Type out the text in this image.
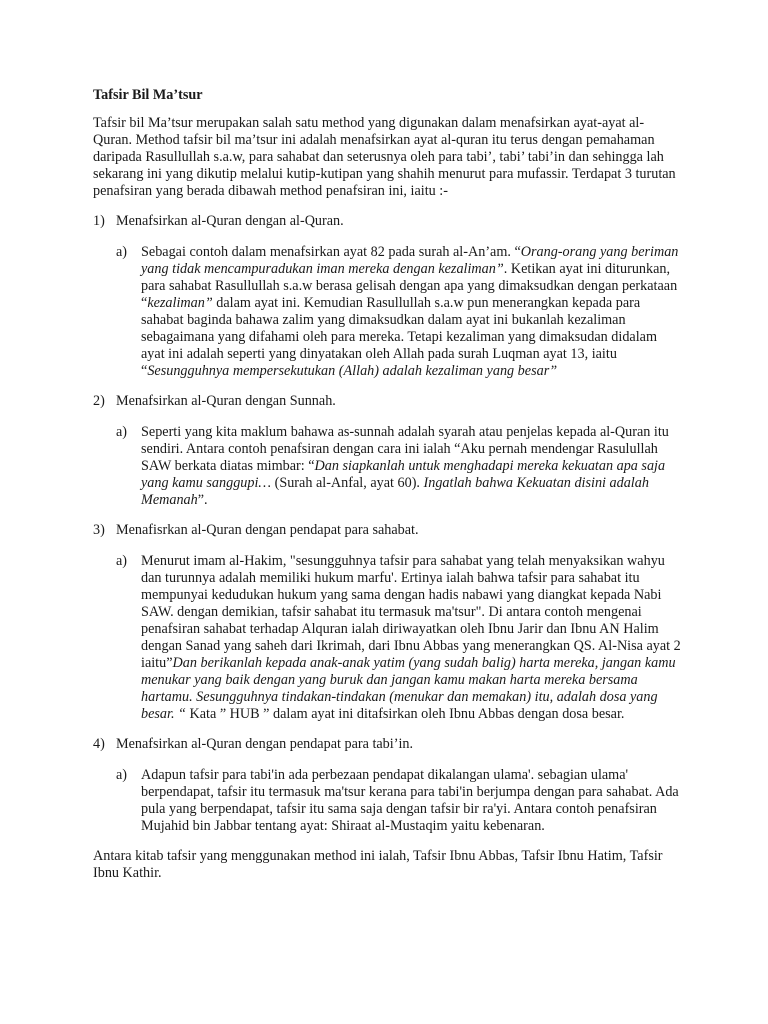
Tafsir Bil Ma’tsur

Tafsir bil Ma’tsur merupakan salah satu method yang digunakan dalam menafsirkan ayat-ayat al-Quran. Method tafsir bil ma’tsur ini adalah menafsirkan ayat al-quran itu terus dengan pemahaman daripada Rasullullah s.a.w, para sahabat dan seterusnya oleh para tabi’, tabi’ tabi’in dan sehingga lah sekarang ini yang dikutip melalui kutip-kutipan yang shahih menurut para mufassir. Terdapat 3 turutan penafsiran yang berada dibawah method penafsiran ini, iaitu :-

1) Menafsirkan al-Quran dengan al-Quran.
a) Sebagai contoh dalam menafsirkan ayat 82 pada surah al-An’am. “Orang-orang yang beriman yang tidak mencampuradukan iman mereka dengan kezaliman”. Ketikan ayat ini diturunkan, para sahabat Rasullullah s.a.w berasa gelisah dengan apa yang dimaksudkan dengan perkataan “kezaliman” dalam ayat ini. Kemudian Rasullullah s.a.w pun menerangkan kepada para sahabat baginda bahawa zalim yang dimaksudkan dalam ayat ini bukanlah kezaliman sebagaimana yang difahami oleh para mereka. Tetapi kezaliman yang dimaksudan didalam ayat ini adalah seperti yang dinyatakan oleh Allah pada surah Luqman ayat 13, iaitu “Sesungguhnya mempersekutukan (Allah) adalah kezaliman yang besar”

2) Menafsirkan al-Quran dengan Sunnah.
a) Seperti yang kita maklum bahawa as-sunnah adalah syarah atau penjelas kepada al-Quran itu sendiri. Antara contoh penafsiran dengan cara ini ialah “Aku pernah mendengar Rasulullah SAW berkata diatas mimbar: “Dan siapkanlah untuk menghadapi mereka kekuatan apa saja yang kamu sanggupi… (Surah al-Anfal, ayat 60). Ingatlah bahwa Kekuatan disini adalah Memanah”.

3) Menafisrkan al-Quran dengan pendapat para sahabat.
a) Menurut imam al-Hakim, "sesungguhnya tafsir para sahabat yang telah menyaksikan wahyu dan turunnya adalah memiliki hukum marfu'. Ertinya ialah bahwa tafsir para sahabat itu mempunyai kedudukan hukum yang sama dengan hadis nabawi yang diangkat kepada Nabi SAW. dengan demikian, tafsir sahabat itu termasuk ma'tsur". Di antara contoh mengenai penafsiran sahabat terhadap Alquran ialah diriwayatkan oleh Ibnu Jarir dan Ibnu AN Halim dengan Sanad yang saheh dari Ikrimah, dari Ibnu Abbas yang menerangkan QS. Al-Nisa ayat 2 iaitu”Dan berikanlah kepada anak-anak yatim (yang sudah balig) harta mereka, jangan kamu menukar yang baik dengan yang buruk dan jangan kamu makan harta mereka bersama hartamu. Sesungguhnya tindakan-tindakan (menukar dan memakan) itu, adalah dosa yang besar. “ Kata ” HUB ” dalam ayat ini ditafsirkan oleh Ibnu Abbas dengan dosa besar.

4) Menafsirkan al-Quran dengan pendapat para tabi’in.
a) Adapun tafsir para tabi'in ada perbezaan pendapat dikalangan ulama'. sebagian ulama' berpendapat, tafsir itu termasuk ma'tsur kerana para tabi'in berjumpa dengan para sahabat. Ada pula yang berpendapat, tafsir itu sama saja dengan tafsir bir ra'yi. Antara contoh penafsiran Mujahid bin Jabbar tentang ayat: Shiraat al-Mustaqim yaitu kebenaran.

Antara kitab tafsir yang menggunakan method ini ialah, Tafsir Ibnu Abbas, Tafsir Ibnu Hatim, Tafsir Ibnu Kathir.
